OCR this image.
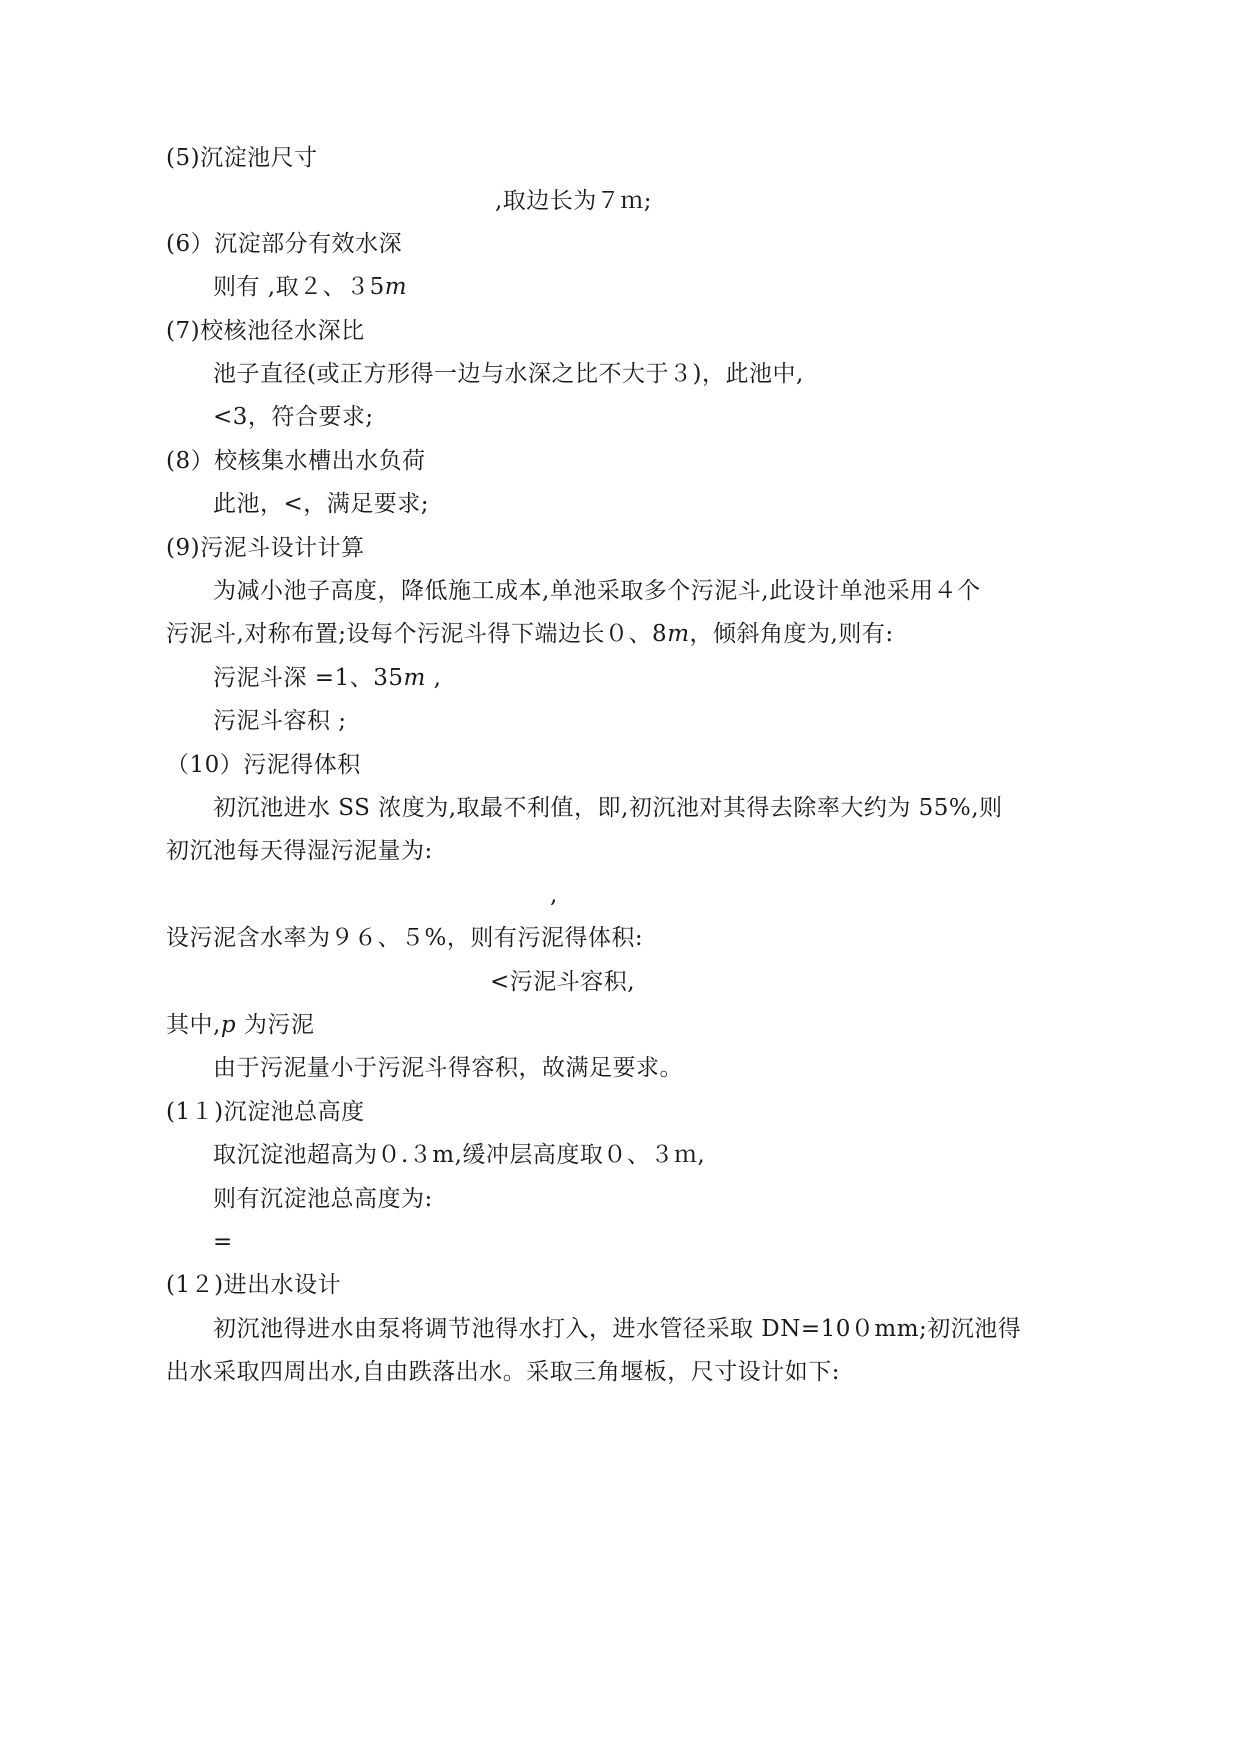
(5)沉淀池尺寸
,取边长为７ｍ;
(6）沉淀部分有效水深
则有 ,取２、３5m
(7)校核池径水深比
池子直径(或正方形得一边与水深之比不大于３)，此池中,
<3，符合要求;
(8）校核集水槽出水负荷
此池，<，满足要求;
(9)污泥斗设计计算
为减小池子高度，降低施工成本,单池采取多个污泥斗,此设计单池采用４个
污泥斗,对称布置;设每个污泥斗得下端边长０、8m，倾斜角度为,则有:
污泥斗深 =1、35m ,
污泥斗容积 ;
（10）污泥得体积
初沉池进水 SS 浓度为,取最不利值，即,初沉池对其得去除率大约为 55%,则
初沉池每天得湿污泥量为:
,
设污泥含水率为９６、５%，则有污泥得体积:
<污泥斗容积,
其中,p 为污泥
由于污泥量小于污泥斗得容积，故满足要求。
(1１)沉淀池总高度
取沉淀池超高为０.３m,缓冲层高度取０、３ｍ,
则有沉淀池总高度为:
=
(1２)进出水设计
初沉池得进水由泵将调节池得水打入，进水管径采取 DN=10０mm;初沉池得
出水采取四周出水,自由跌落出水。采取三角堰板，尺寸设计如下:
